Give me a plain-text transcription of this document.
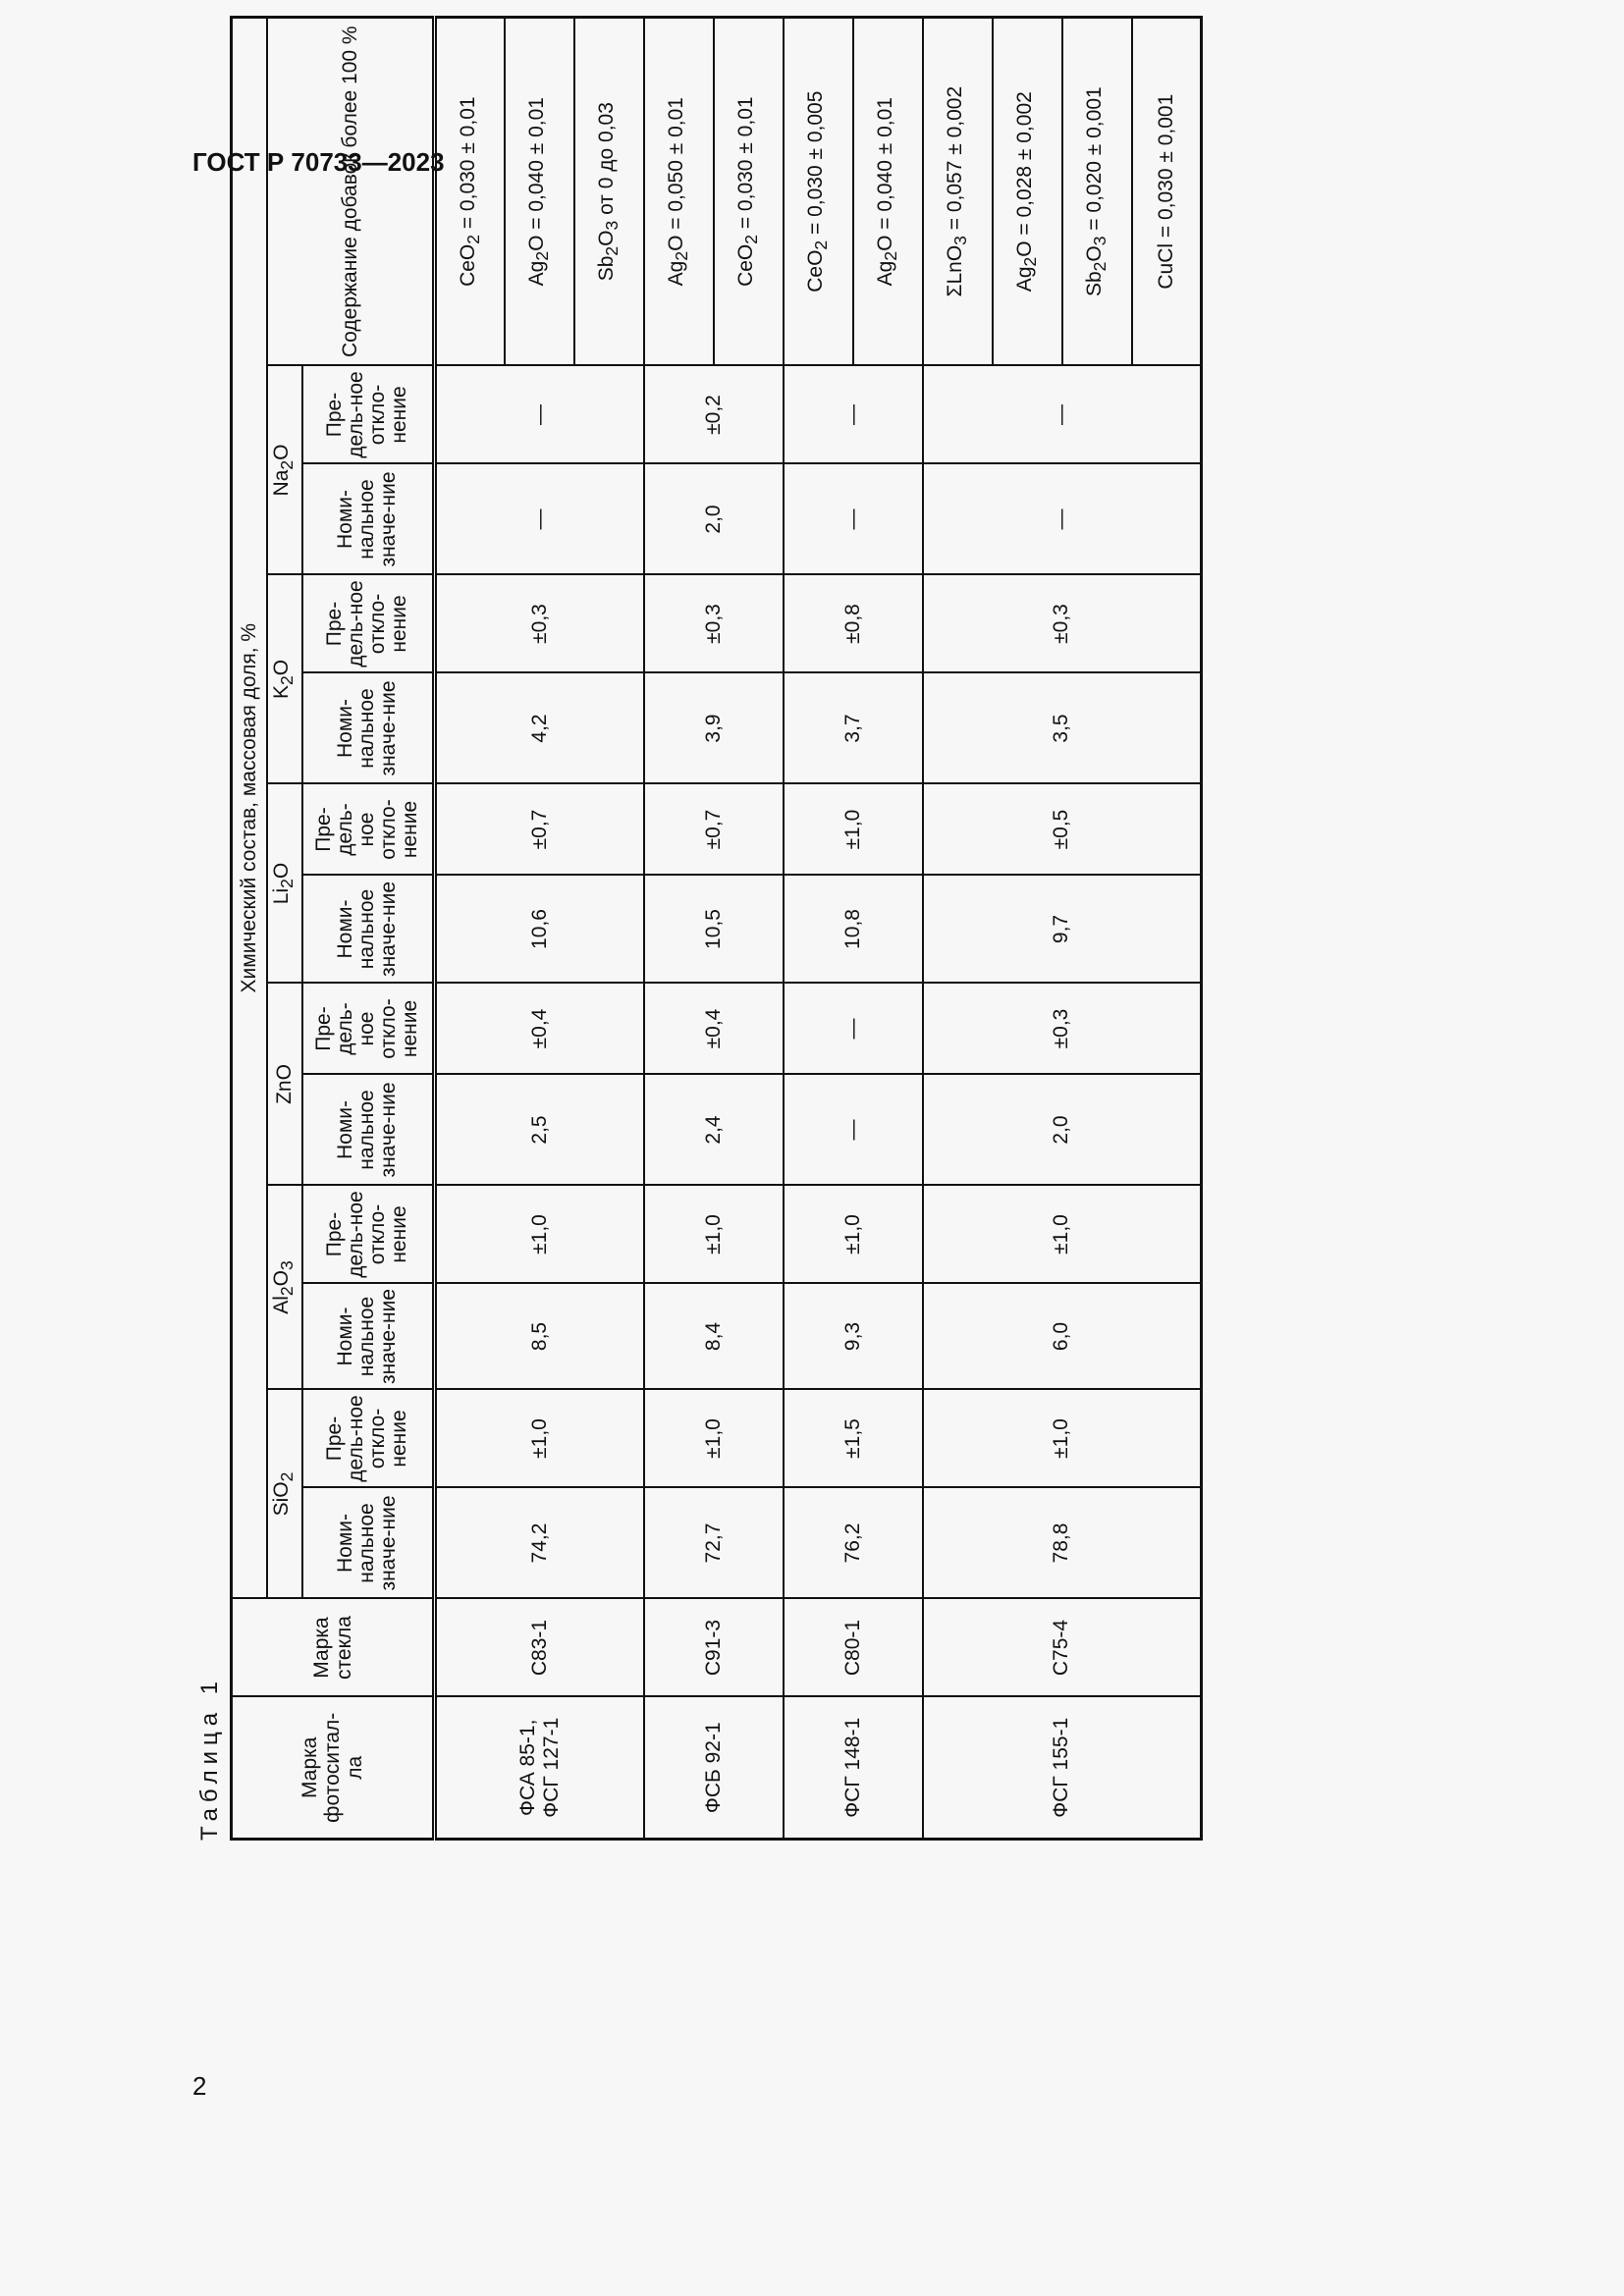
ГОСТ Р 70733—2023
Таблица 1	Марка фотоситал-ла	Марка стекла	Химический состав, массовая доля, %												
		SiO$_2$		$Al_2O_3$		ZnO		$Li_2O$		$K_2O$		$Na_2O$		Содержание добавок более 100 %
		Номи-нальное значе-ние	Пре-дель-ное откло-нение	Номи-нальное значе-ние	Пре-дель-ное откло-нение	Номи-нальное значе-ние	Пре-дель-ное откло-нение	Номи-нальное значе-ние	Пре-дель-ное откло-нение	Номи-нальное значе-ние	Пре-дель-ное откло-нение	Номи-нальное значе-ние	Пре-дель-ное откло-нение	
ФСА 85-1, ФСГ 127-1	С83-1	74,2	±1,0	8,5	±1,0	2,5	±0,4	10,6	±0,7	4,2	±0,3	—	—	CeO$_2$ = 0,030 ± 0,01
														$Ag_2O = 0,040 \pm 0,01$
														$Sb_2O_3$ от 0 до 0,03
ФСБ 92-1	С91-3	72,7	±1,0	8,4	±1,0	2,4	±0,4	10,5	±0,7	3,9	±0,3	2,0	±0,2	$Ag_2O = 0,050 \pm 0,01$
														CeO$_2$ = 0,030 ± 0,01
ФСГ 148-1	С80-1	76,2	±1,5	9,3	±1,0	—	—	10,8	±1,0	3,7	±0,8	—	—	CeO$_2$ = 0,030 ± 0,005
														$Ag_2O = 0,040 \pm 0,01$
ФСГ 155-1	С75-4	78,8	±1,0	6,0	±1,0	2,0	±0,3	9,7	±0,5	3,5	±0,3	—	—	ΣLnO$_3$ = 0,057 ± 0,002
														$Ag_2O = 0,028 \pm 0,002$
														$Sb_2O_3 = 0,020 \pm 0,001$
														CuCl = 0,030 ± 0,001
2
